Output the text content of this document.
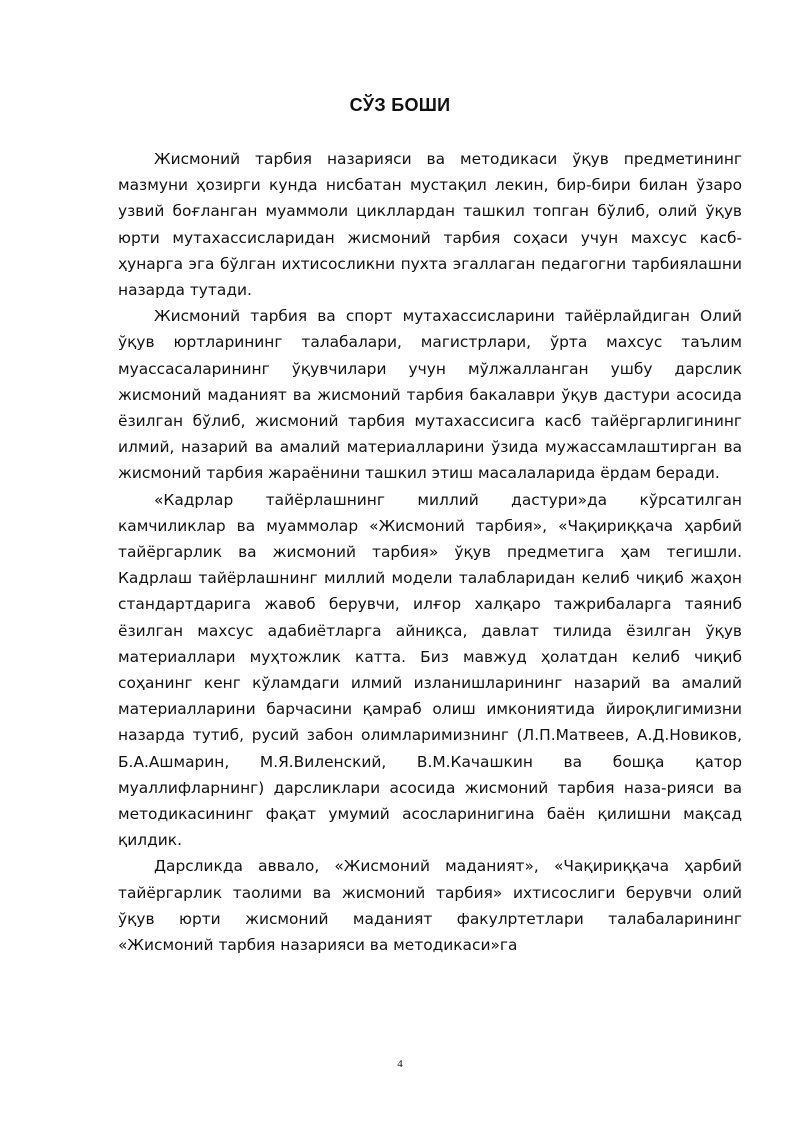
СЎЗ БОШИ

Жисмоний тарбия назарияси ва методикаси ўқув предметининг мазмуни ҳозирги кунда нисбатан мустақил лекин, бир-бири билан ўзаро узвий боғланган муаммоли цикллардан ташкил топган бўлиб, олий ўқув юрти мутахассисларидан жисмоний тарбия соҳаси учун махсус касб-ҳунарга эга бўлган ихтисосликни пухта эгаллаган педагогни тарбиялашни назарда тутади.

Жисмоний тарбия ва спорт мутахассисларини тайёрлайдиган Олий ўқув юртларининг талабалари, магистрлари, ўрта махсус таълим муассасаларининг ўқувчилари учун мўлжалланган ушбу дарслик жисмоний маданият ва жисмоний тарбия бакалаври ўқув дастури асосида ёзилган бўлиб, жисмоний тарбия мутахассисига касб тайёргарлигининг илмий, назарий ва амалий материалларини ўзида мужассамлаштирган ва жисмоний тарбия жараёнини ташкил этиш масалаларида ёрдам беради.

«Кадрлар тайёрлашнинг миллий дастури»да кўрсатилган камчиликлар ва муаммолар «Жисмоний тарбия», «Чақириққача ҳарбий тайёргарлик ва жисмоний тарбия» ўқув предметига ҳам тегишли. Кадрлаш тайёрлашнинг миллий модели талабларидан келиб чиқиб жаҳон стандартдарига жавоб берувчи, илғор халқаро тажрибаларга таяниб ёзилган махсус адабиётларга айниқса, давлат тилида ёзилган ўқув материаллари муҳтожлик катта. Биз мавжуд ҳолатдан келиб чиқиб соҳанинг кенг кўламдаги илмий изланишларининг назарий ва амалий материалларини барчасини қамраб олиш имкониятида йироқлигимизни назарда тутиб, русий забон олимларимизнинг (Л.П.Матвеев, А.Д.Новиков, Б.А.Ашмарин, М.Я.Виленский, В.М.Качашкин ва бошқа қатор муаллифларнинг) дарсликлари асосида жисмоний тарбия наза-рияси ва методикасининг фақат умумий асосларинигина баён қилишни мақсад қилдик.

Дарсликда аввало, «Жисмоний маданият», «Чақириққача ҳарбий тайёргарлик таолими ва жисмоний тарбия» ихтисослиги берувчи олий ўқув юрти жисмоний маданият факулртетлари талабаларининг «Жисмоний тарбия назарияси ва методикаси»га

4
